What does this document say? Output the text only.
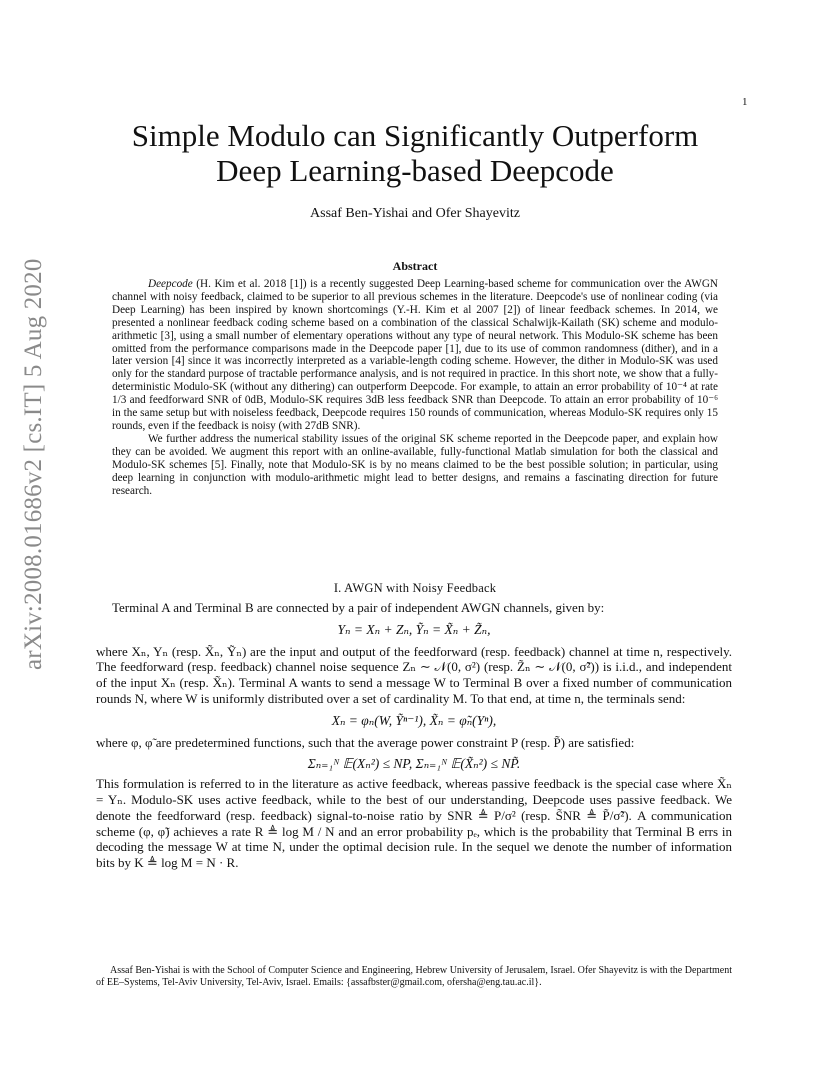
1
arXiv:2008.01686v2 [cs.IT] 5 Aug 2020
Simple Modulo can Significantly Outperform
Deep Learning-based Deepcode
Assaf Ben-Yishai and Ofer Shayevitz
Abstract

Deepcode (H. Kim et al. 2018 [1]) is a recently suggested Deep Learning-based scheme for communication over the AWGN channel with noisy feedback, claimed to be superior to all previous schemes in the literature. Deepcode's use of nonlinear coding (via Deep Learning) has been inspired by known shortcomings (Y.-H. Kim et al 2007 [2]) of linear feedback schemes. In 2014, we presented a nonlinear feedback coding scheme based on a combination of the classical Schalwijk-Kailath (SK) scheme and modulo-arithmetic [3], using a small number of elementary operations without any type of neural network. This Modulo-SK scheme has been omitted from the performance comparisons made in the Deepcode paper [1], due to its use of common randomness (dither), and in a later version [4] since it was incorrectly interpreted as a variable-length coding scheme. However, the dither in Modulo-SK was used only for the standard purpose of tractable performance analysis, and is not required in practice. In this short note, we show that a fully-deterministic Modulo-SK (without any dithering) can outperform Deepcode. For example, to attain an error probability of 10⁻⁴ at rate 1/3 and feedforward SNR of 0dB, Modulo-SK requires 3dB less feedback SNR than Deepcode. To attain an error probability of 10⁻⁶ in the same setup but with noiseless feedback, Deepcode requires 150 rounds of communication, whereas Modulo-SK requires only 15 rounds, even if the feedback is noisy (with 27dB SNR).

We further address the numerical stability issues of the original SK scheme reported in the Deepcode paper, and explain how they can be avoided. We augment this report with an online-available, fully-functional Matlab simulation for both the classical and Modulo-SK schemes [5]. Finally, note that Modulo-SK is by no means claimed to be the best possible solution; in particular, using deep learning in conjunction with modulo-arithmetic might lead to better designs, and remains a fascinating direction for future research.

I. AWGN with Noisy Feedback

Terminal A and Terminal B are connected by a pair of independent AWGN channels, given by:

Yₙ = Xₙ + Zₙ, Ỹₙ = X̃ₙ + Z̃ₙ,

where Xₙ, Yₙ (resp. X̃ₙ, Ỹₙ) are the input and output of the feedforward (resp. feedback) channel at time n, respectively. The feedforward (resp. feedback) channel noise sequence Zₙ ∼ 𝒩(0, σ²) (resp. Z̃ₙ ∼ 𝒩(0, σ̃²)) is i.i.d., and independent of the input Xₙ (resp. X̃ₙ). Terminal A wants to send a message W to Terminal B over a fixed number of communication rounds N, where W is uniformly distributed over a set of cardinality M. To that end, at time n, the terminals send:

Xₙ = φₙ(W, Ỹⁿ⁻¹), X̃ₙ = φ̃ₙ(Yⁿ),

where φ, φ̃ are predetermined functions, such that the average power constraint P (resp. P̃) are satisfied:

Σₙ₌₁ᴺ 𝔼(Xₙ²) ≤ NP, Σₙ₌₁ᴺ 𝔼(X̃ₙ²) ≤ NP̃.

This formulation is referred to in the literature as active feedback, whereas passive feedback is the special case where X̃ₙ = Yₙ. Modulo-SK uses active feedback, while to the best of our understanding, Deepcode uses passive feedback. We denote the feedforward (resp. feedback) signal-to-noise ratio by SNR ≜ P/σ² (resp. S̃NR ≜ P̃/σ̃²). A communication scheme (φ, φ̃) achieves a rate R ≜ log M / N and an error probability pₑ, which is the probability that Terminal B errs in decoding the message W at time N, under the optimal decision rule. In the sequel we denote the number of information bits by K ≜ log M = N · R.

Assaf Ben-Yishai is with the School of Computer Science and Engineering, Hebrew University of Jerusalem, Israel. Ofer Shayevitz is with the Department of EE–Systems, Tel-Aviv University, Tel-Aviv, Israel. Emails: {assafbster@gmail.com, ofersha@eng.tau.ac.il}.
